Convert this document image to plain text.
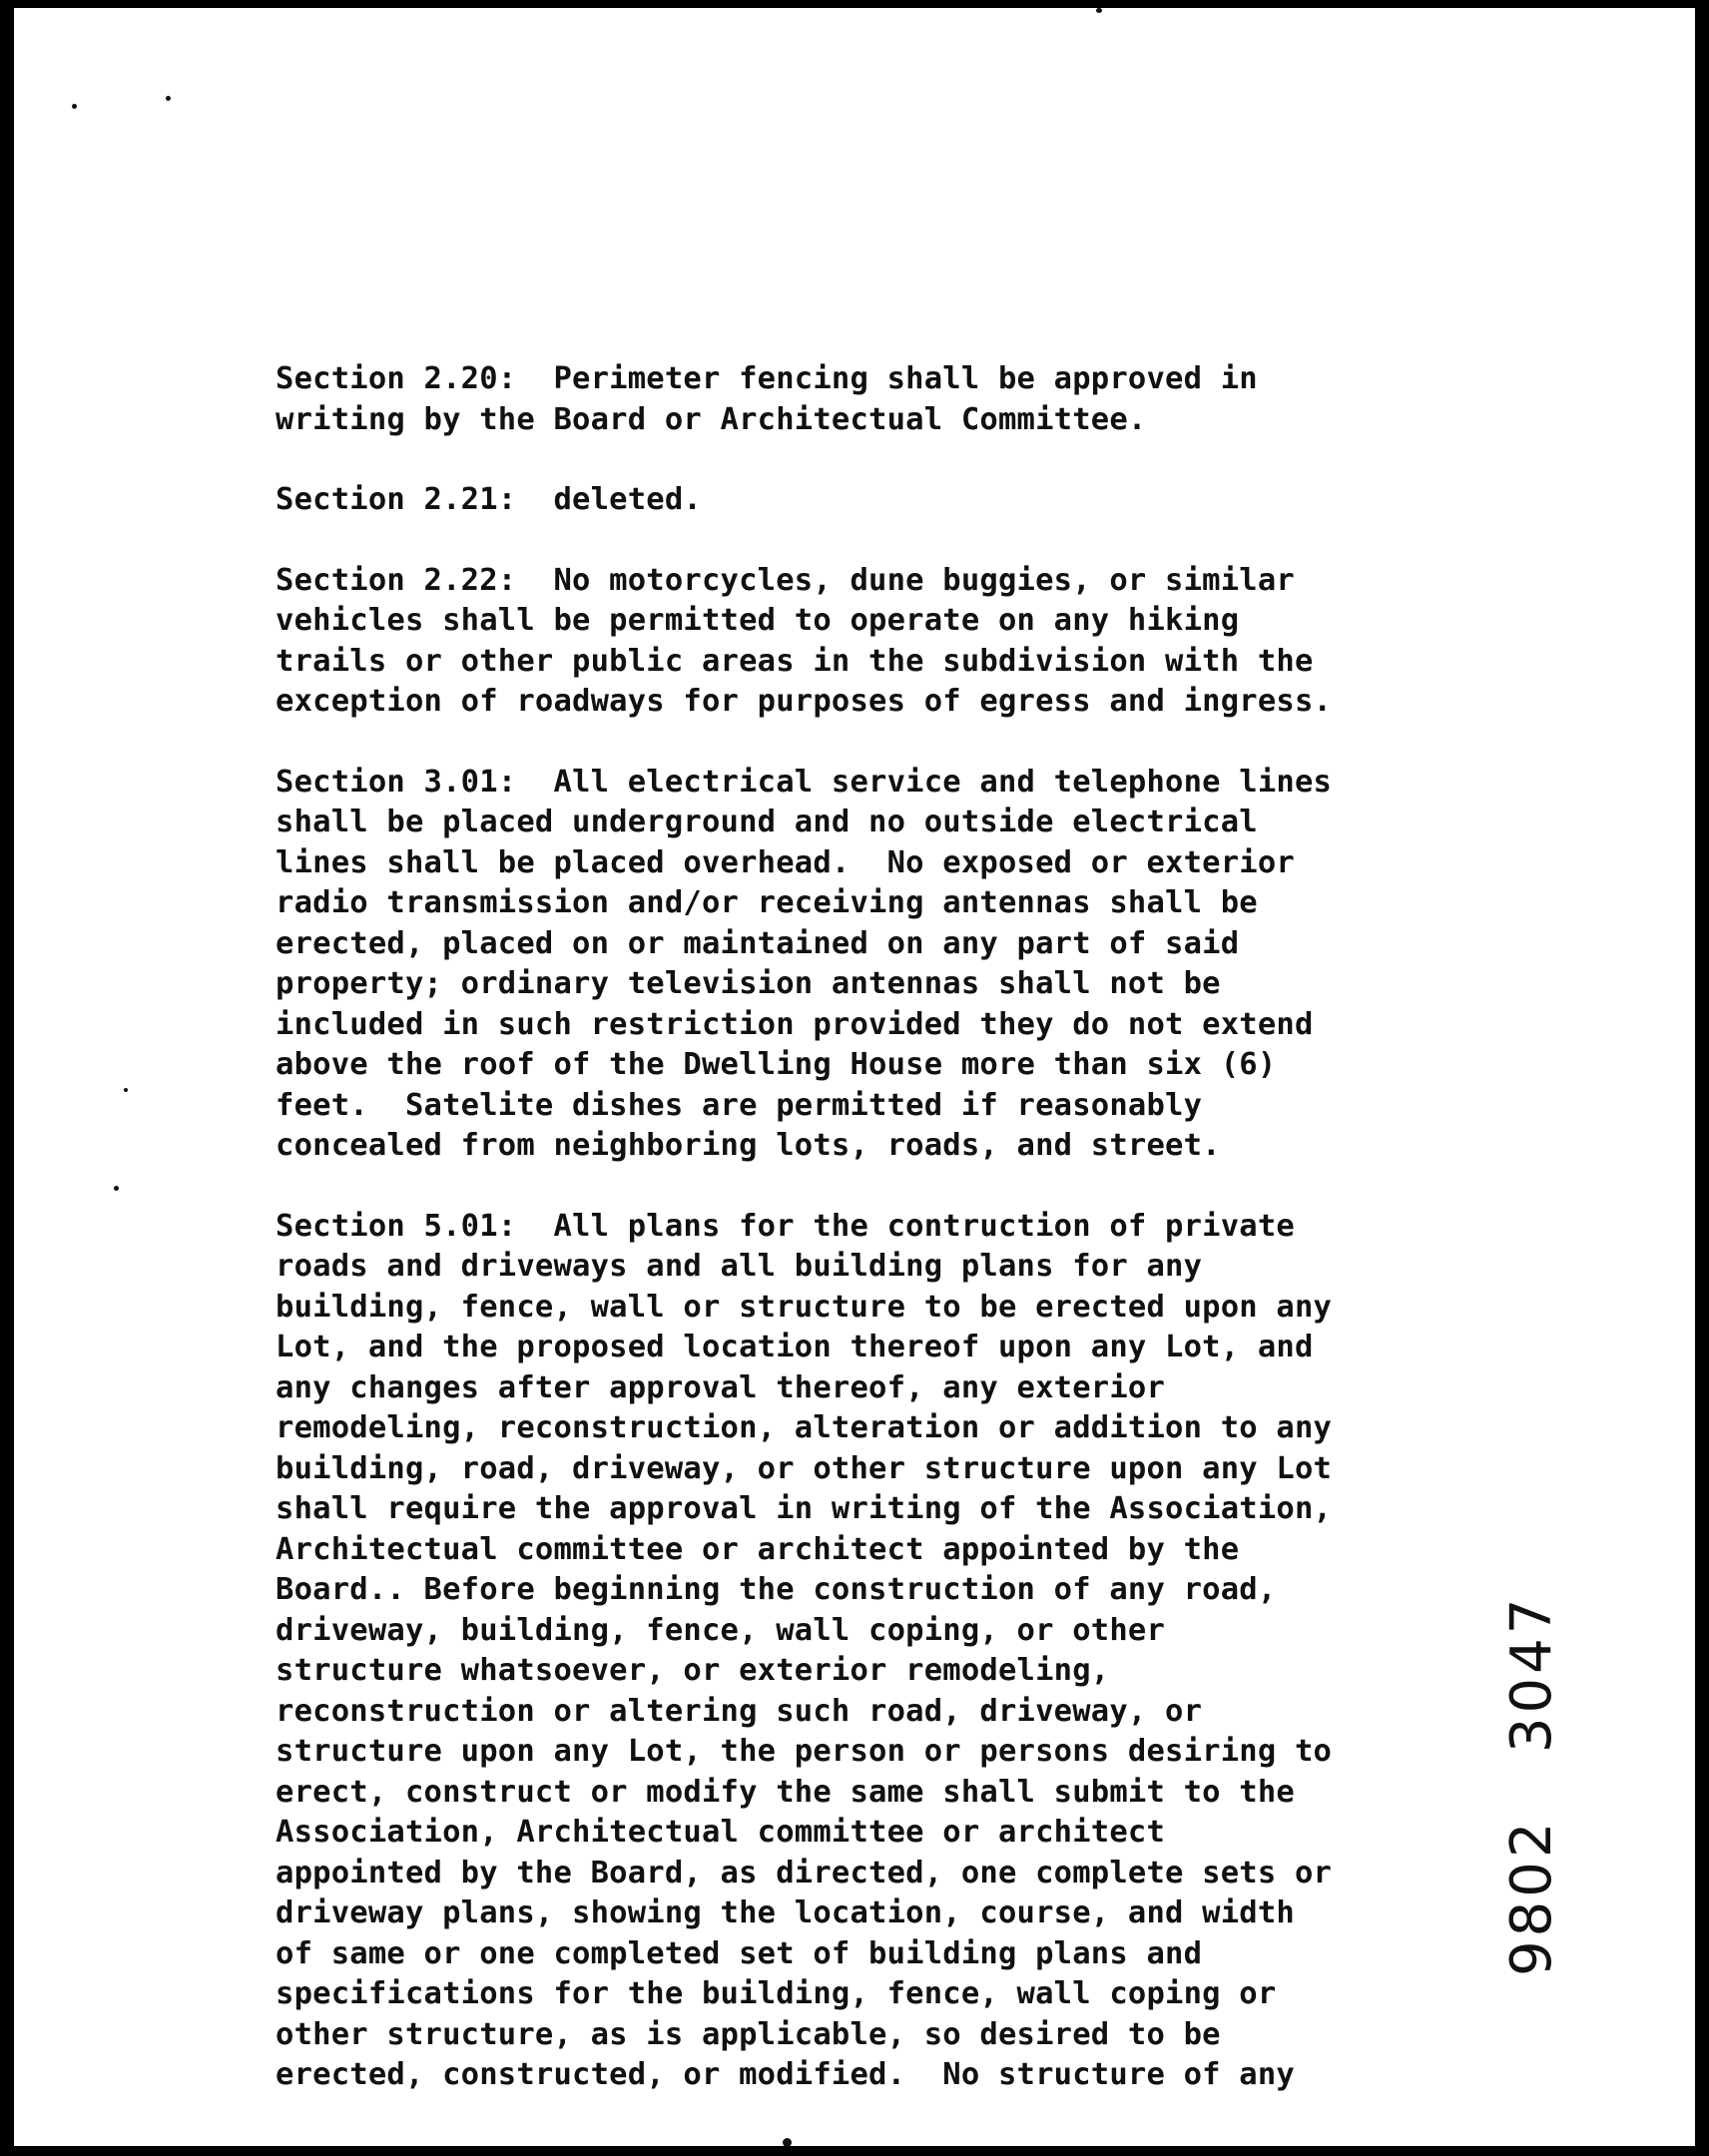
Section 2.20:  Perimeter fencing shall be approved in
writing by the Board or Architectual Committee.
Section 2.21:  deleted.
Section 2.22:  No motorcycles, dune buggies, or similar
vehicles shall be permitted to operate on any hiking
trails or other public areas in the subdivision with the
exception of roadways for purposes of egress and ingress.
Section 3.01:  All electrical service and telephone lines
shall be placed underground and no outside electrical
lines shall be placed overhead.  No exposed or exterior
radio transmission and/or receiving antennas shall be
erected, placed on or maintained on any part of said
property; ordinary television antennas shall not be
included in such restriction provided they do not extend
above the roof of the Dwelling House more than six (6)
feet.  Satelite dishes are permitted if reasonably
concealed from neighboring lots, roads, and street.
Section 5.01:  All plans for the contruction of private
roads and driveways and all building plans for any
building, fence, wall or structure to be erected upon any
Lot, and the proposed location thereof upon any Lot, and
any changes after approval thereof, any exterior
remodeling, reconstruction, alteration or addition to any
building, road, driveway, or other structure upon any Lot
shall require the approval in writing of the Association,
Architectual committee or architect appointed by the
Board.. Before beginning the construction of any road,
driveway, building, fence, wall coping, or other
structure whatsoever, or exterior remodeling,
reconstruction or altering such road, driveway, or
structure upon any Lot, the person or persons desiring to
erect, construct or modify the same shall submit to the
Association, Architectual committee or architect
appointed by the Board, as directed, one complete sets or
driveway plans, showing the location, course, and width
of same or one completed set of building plans and
specifications for the building, fence, wall coping or
other structure, as is applicable, so desired to be
erected, constructed, or modified.  No structure of any
9802   3047
